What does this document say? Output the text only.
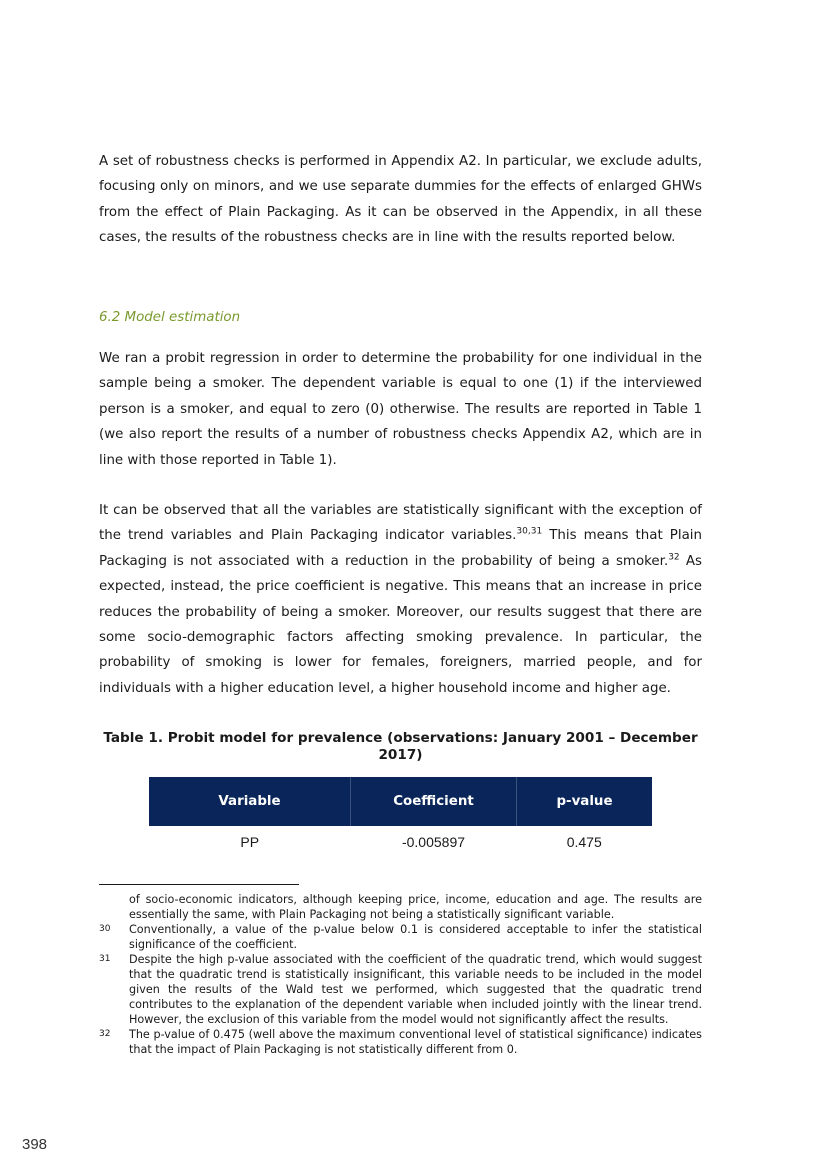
A set of robustness checks is performed in Appendix A2. In particular, we exclude adults, focusing only on minors, and we use separate dummies for the effects of enlarged GHWs from the effect of Plain Packaging. As it can be observed in the Appendix, in all these cases, the results of the robustness checks are in line with the results reported below.

6.2 Model estimation

We ran a probit regression in order to determine the probability for one individual in the sample being a smoker. The dependent variable is equal to one (1) if the interviewed person is a smoker, and equal to zero (0) otherwise. The results are reported in Table 1 (we also report the results of a number of robustness checks Appendix A2, which are in line with those reported in Table 1).

It can be observed that all the variables are statistically significant with the exception of the trend variables and Plain Packaging indicator variables.$^{30,31}$ This means that Plain Packaging is not associated with a reduction in the probability of being a smoker.$^{32}$ As expected, instead, the price coefficient is negative. This means that an increase in price reduces the probability of being a smoker. Moreover, our results suggest that there are some socio-demographic factors affecting smoking prevalence. In particular, the probability of smoking is lower for females, foreigners, married people, and for individuals with a higher education level, a higher household income and higher age.

Table 1. Probit model for prevalence (observations: January 2001 – December 2017)

Variable	Coefficient	p-value
PP	-0.005897	0.475

of socio-economic indicators, although keeping price, income, education and age. The results are essentially the same, with Plain Packaging not being a statistically significant variable.

30 Conventionally, a value of the p-value below 0.1 is considered acceptable to infer the statistical significance of the coefficient.

31 Despite the high p-value associated with the coefficient of the quadratic trend, which would suggest that the quadratic trend is statistically insignificant, this variable needs to be included in the model given the results of the Wald test we performed, which suggested that the quadratic trend contributes to the explanation of the dependent variable when included jointly with the linear trend. However, the exclusion of this variable from the model would not significantly affect the results.

32 The p-value of 0.475 (well above the maximum conventional level of statistical significance) indicates that the impact of Plain Packaging is not statistically different from 0.

398
